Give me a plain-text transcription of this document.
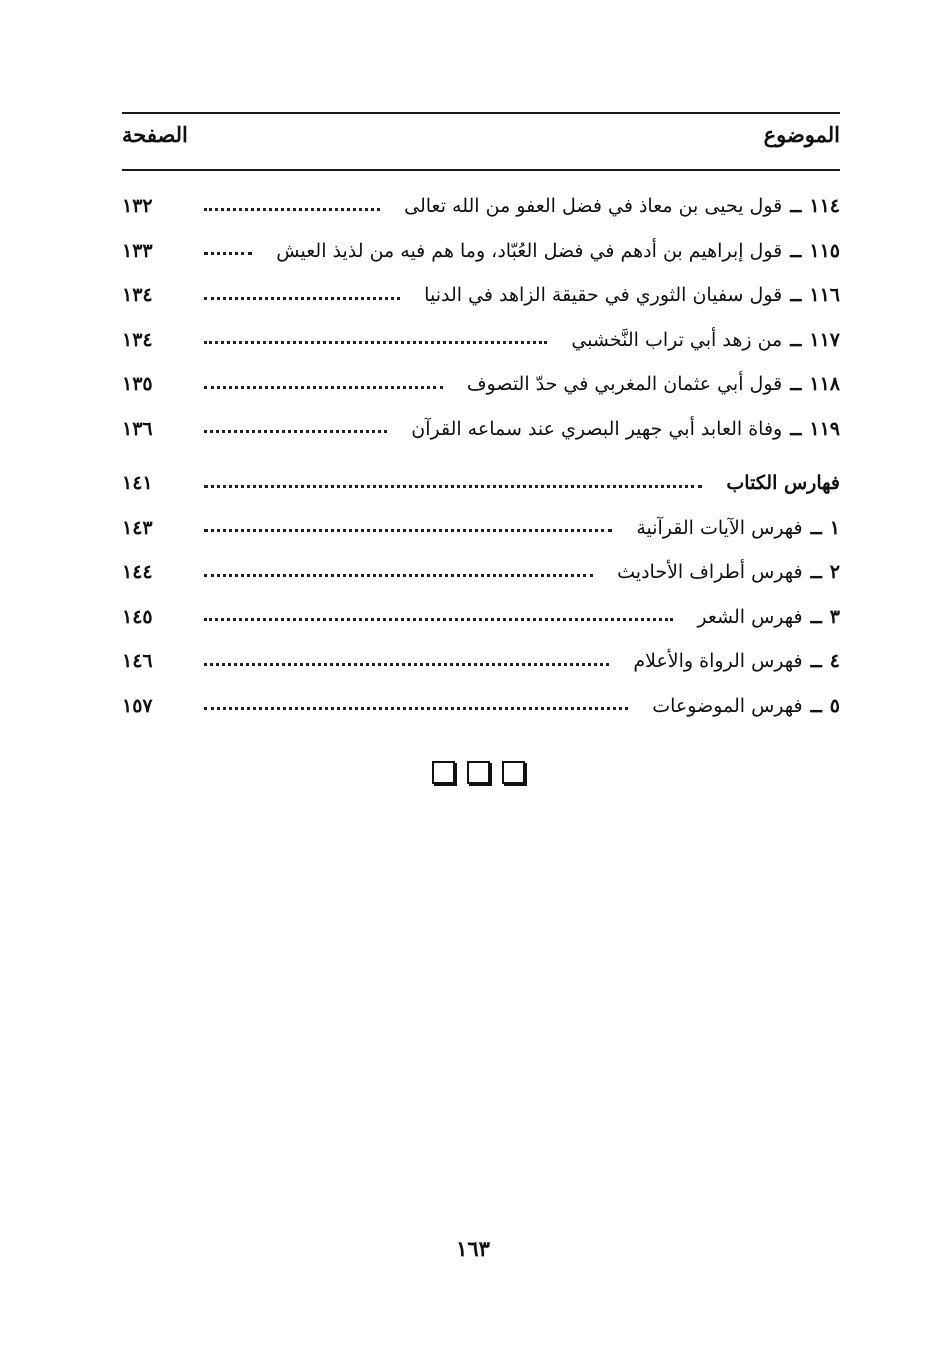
الموضوع
الصفحة
١١٤
ــ
قول يحيى بن معاذ في فضل العفو من الله تعالى
١٣٢
١١٥
ــ
قول إبراهيم بن أدهم في فضل العُبّاد، وما هم فيه من لذيذ العيش
١٣٣
١١٦
ــ
قول سفيان الثوري في حقيقة الزاهد في الدنيا
١٣٤
١١٧
ــ
من زهد أبي تراب النَّخشبي
١٣٤
١١٨
ــ
قول أبي عثمان المغربي في حدّ التصوف
١٣٥
١١٩
ــ
وفاة العابد أبي جهير البصري عند سماعه القرآن
١٣٦
فهارس الكتاب
١٤١
١
ــ
فهرس الآيات القرآنية
١٤٣
٢
ــ
فهرس أطراف الأحاديث
١٤٤
٣
ــ
فهرس الشعر
١٤٥
٤
ــ
فهرس الرواة والأعلام
١٤٦
٥
ــ
فهرس الموضوعات
١٥٧
١٦٣
